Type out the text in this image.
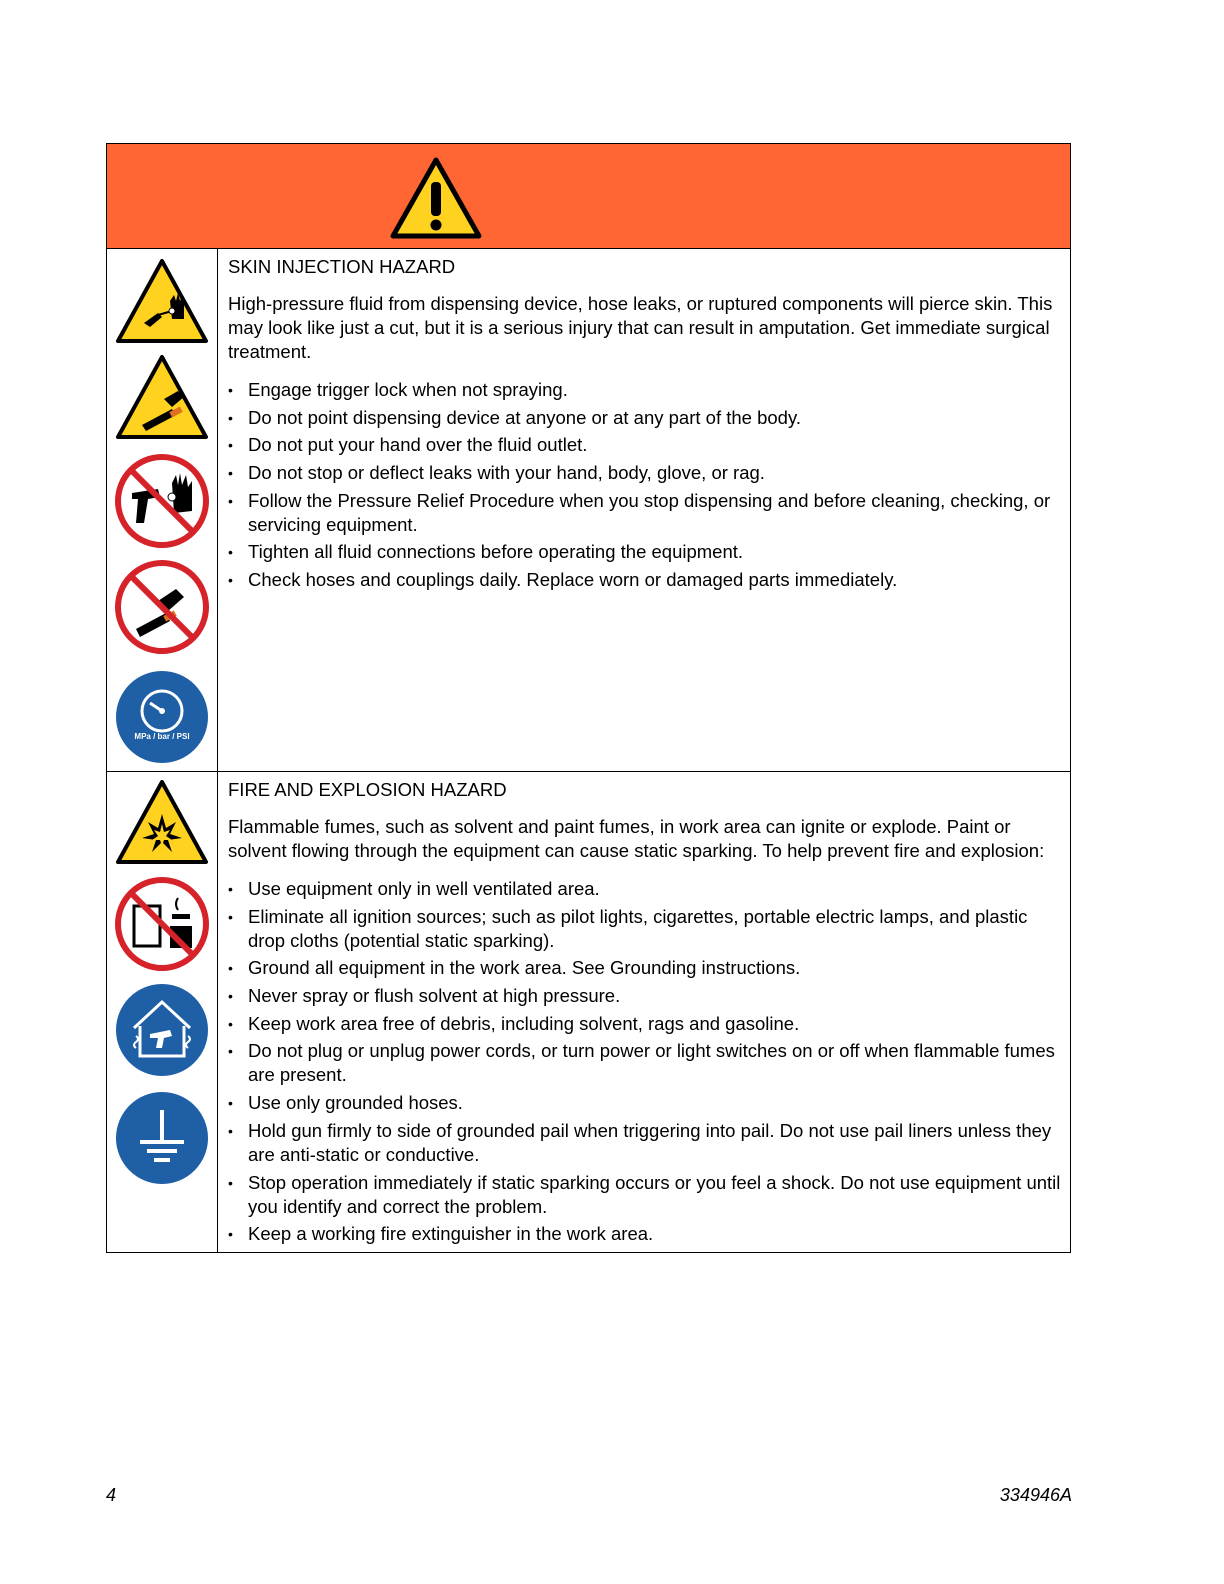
MPa / bar / PSI
SKIN INJECTION HAZARD

High-pressure fluid from dispensing device, hose leaks, or ruptured components will pierce skin. This may look like just a cut, but it is a serious injury that can result in amputation. Get immediate surgical treatment.

• Engage trigger lock when not spraying.
• Do not point dispensing device at anyone or at any part of the body.
• Do not put your hand over the fluid outlet.
• Do not stop or deflect leaks with your hand, body, glove, or rag.
• Follow the Pressure Relief Procedure when you stop dispensing and before cleaning, checking, or servicing equipment.
• Tighten all fluid connections before operating the equipment.
• Check hoses and couplings daily. Replace worn or damaged parts immediately.
FIRE AND EXPLOSION HAZARD

Flammable fumes, such as solvent and paint fumes, in work area can ignite or explode. Paint or solvent flowing through the equipment can cause static sparking. To help prevent fire and explosion:

• Use equipment only in well ventilated area.
• Eliminate all ignition sources; such as pilot lights, cigarettes, portable electric lamps, and plastic drop cloths (potential static sparking).
• Ground all equipment in the work area. See Grounding instructions.
• Never spray or flush solvent at high pressure.
• Keep work area free of debris, including solvent, rags and gasoline.
• Do not plug or unplug power cords, or turn power or light switches on or off when flammable fumes are present.
• Use only grounded hoses.
• Hold gun firmly to side of grounded pail when triggering into pail. Do not use pail liners unless they are anti-static or conductive.
• Stop operation immediately if static sparking occurs or you feel a shock. Do not use equipment until you identify and correct the problem.
• Keep a working fire extinguisher in the work area.
4	334946A
